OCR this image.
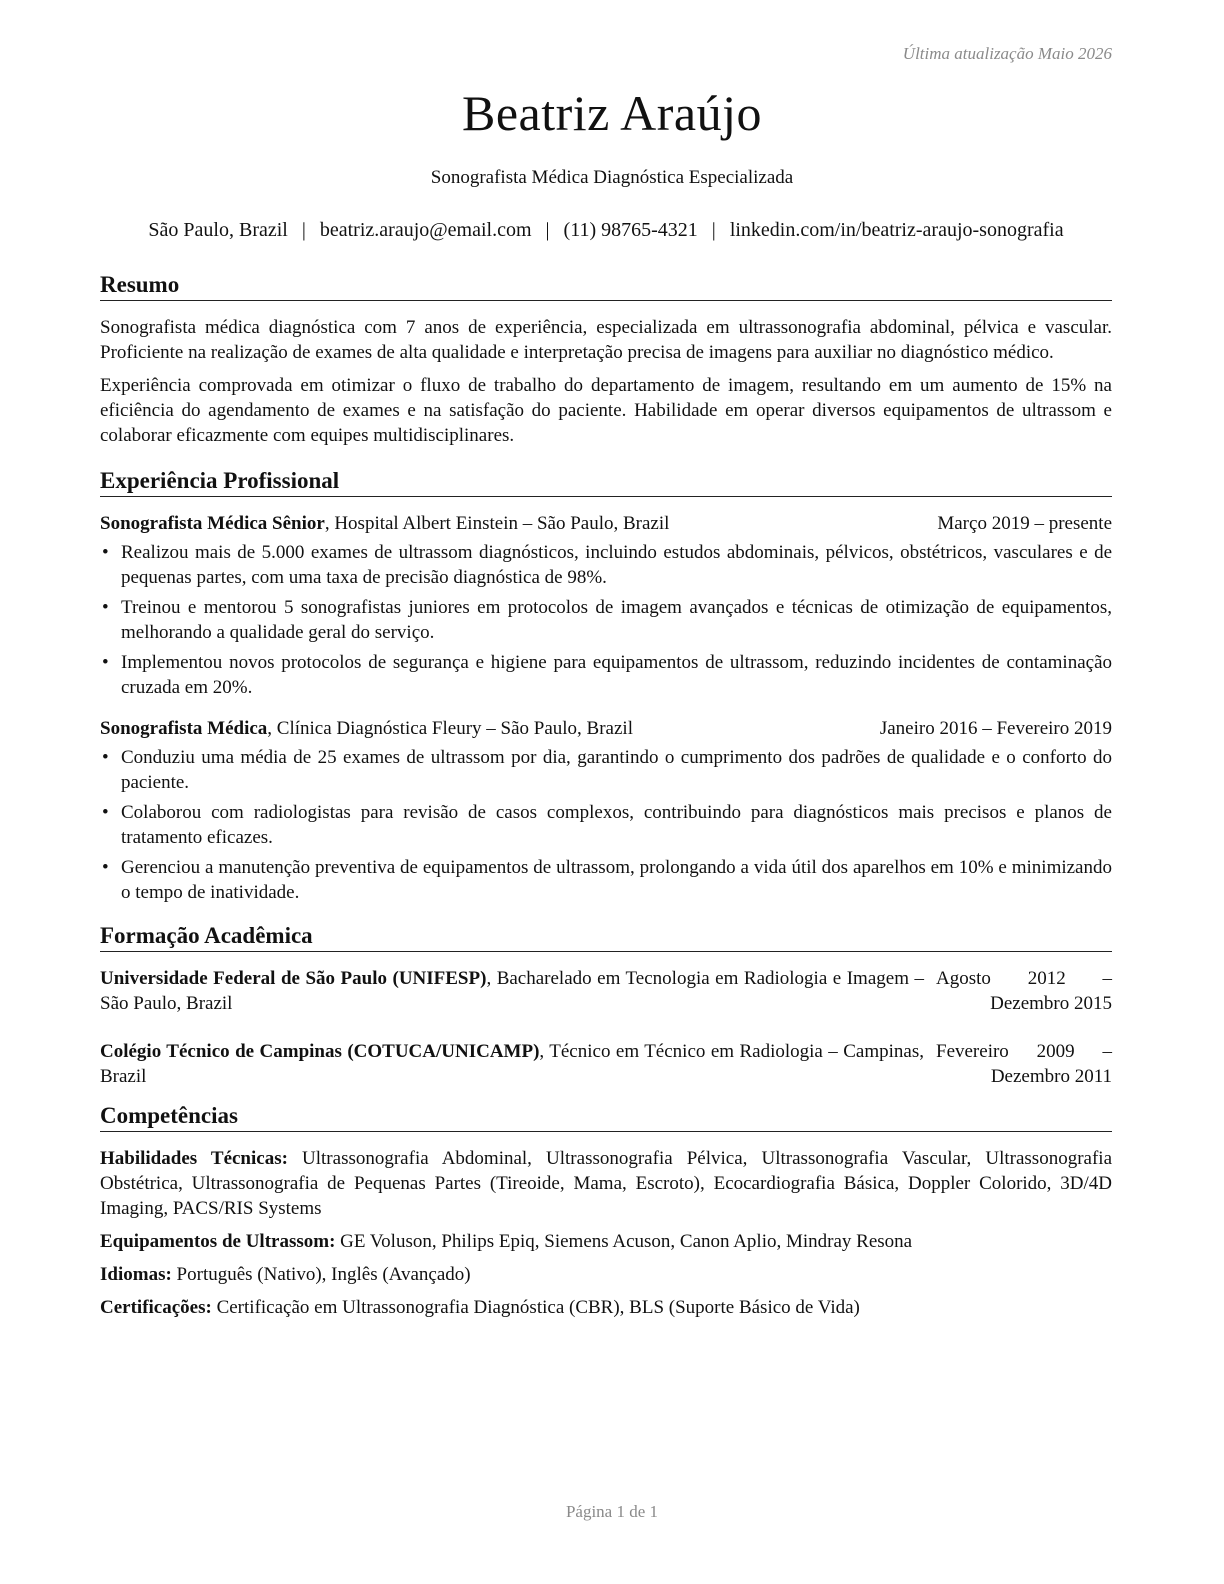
Última atualização Maio 2026
Beatriz Araújo
Sonografista Médica Diagnóstica Especializada
São Paulo, Brazil | beatriz.araujo@email.com | (11) 98765-4321 | linkedin.com/in/beatriz-araujo-sonografia
Resumo

Sonografista médica diagnóstica com 7 anos de experiência, especializada em ultrassonografia abdominal, pélvica e vascular. Proficiente na realização de exames de alta qualidade e interpretação precisa de imagens para auxiliar no diagnóstico médico.

Experiência comprovada em otimizar o fluxo de trabalho do departamento de imagem, resultando em um aumento de 15% na eficiência do agendamento de exames e na satisfação do paciente. Habilidade em operar diversos equipamentos de ultrassom e colaborar eficazmente com equipes multidisciplinares.

Experiência Profissional
Sonografista Médica Sênior, Hospital Albert Einstein – São Paulo, Brazil	Março 2019 – presente
• Realizou mais de 5.000 exames de ultrassom diagnósticos, incluindo estudos abdominais, pélvicos, obstétricos, vasculares e de pequenas partes, com uma taxa de precisão diagnóstica de 98%.
• Treinou e mentorou 5 sonografistas juniores em protocolos de imagem avançados e técnicas de otimização de equipamentos, melhorando a qualidade geral do serviço.
• Implementou novos protocolos de segurança e higiene para equipamentos de ultrassom, reduzindo incidentes de contaminação cruzada em 20%.
Sonografista Médica, Clínica Diagnóstica Fleury – São Paulo, Brazil	Janeiro 2016 – Fevereiro 2019
• Conduziu uma média de 25 exames de ultrassom por dia, garantindo o cumprimento dos padrões de qualidade e o conforto do paciente.
• Colaborou com radiologistas para revisão de casos complexos, contribuindo para diagnósticos mais precisos e planos de tratamento eficazes.
• Gerenciou a manutenção preventiva de equipamentos de ultrassom, prolongando a vida útil dos aparelhos em 10% e minimizando o tempo de inatividade.
Formação Acadêmica
Universidade Federal de São Paulo (UNIFESP), Bacharelado em Tecnologia em Radiologia e Imagem – São Paulo, Brazil
Agosto 2012 – Dezembro 2015
Colégio Técnico de Campinas (COTUCA/UNICAMP), Técnico em Técnico em Radiologia – Campinas, Brazil
Fevereiro 2009 – Dezembro 2011
Competências

Habilidades Técnicas: Ultrassonografia Abdominal, Ultrassonografia Pélvica, Ultrassonografia Vascular, Ultrassonografia Obstétrica, Ultrassonografia de Pequenas Partes (Tireoide, Mama, Escroto), Ecocardiografia Básica, Doppler Colorido, 3D/4D Imaging, PACS/RIS Systems

Equipamentos de Ultrassom: GE Voluson, Philips Epiq, Siemens Acuson, Canon Aplio, Mindray Resona

Idiomas: Português (Nativo), Inglês (Avançado)

Certificações: Certificação em Ultrassonografia Diagnóstica (CBR), BLS (Suporte Básico de Vida)

Página 1 de 1
